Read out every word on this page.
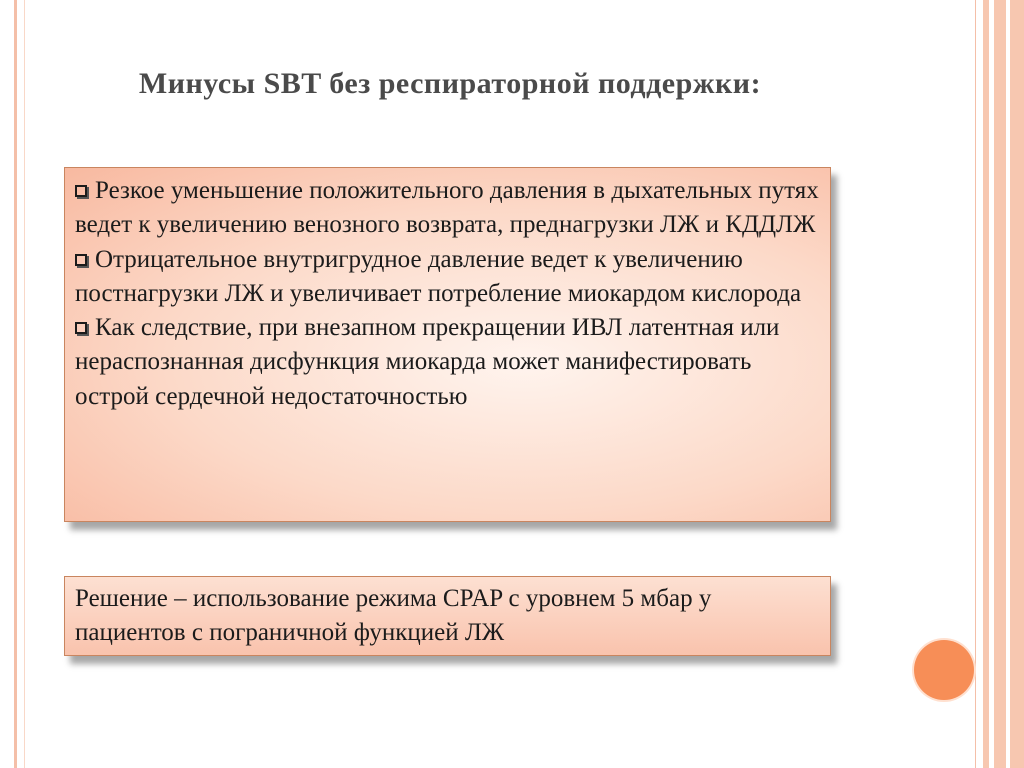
Минусы SBT без респираторной поддержки:

Резкое уменьшение положительного давления в дыхательных путях ведет к увеличению венозного возврата, преднагрузки ЛЖ и КДДЛЖ

Отрицательное внутригрудное давление ведет к увеличению постнагрузки ЛЖ и увеличивает потребление миокардом кислорода

Как следствие, при внезапном прекращении ИВЛ латентная или нераспознанная дисфункция миокарда может манифестировать острой сердечной недостаточностью

Решение – использование режима CPAP с уровнем 5 мбар у пациентов с пограничной функцией ЛЖ
